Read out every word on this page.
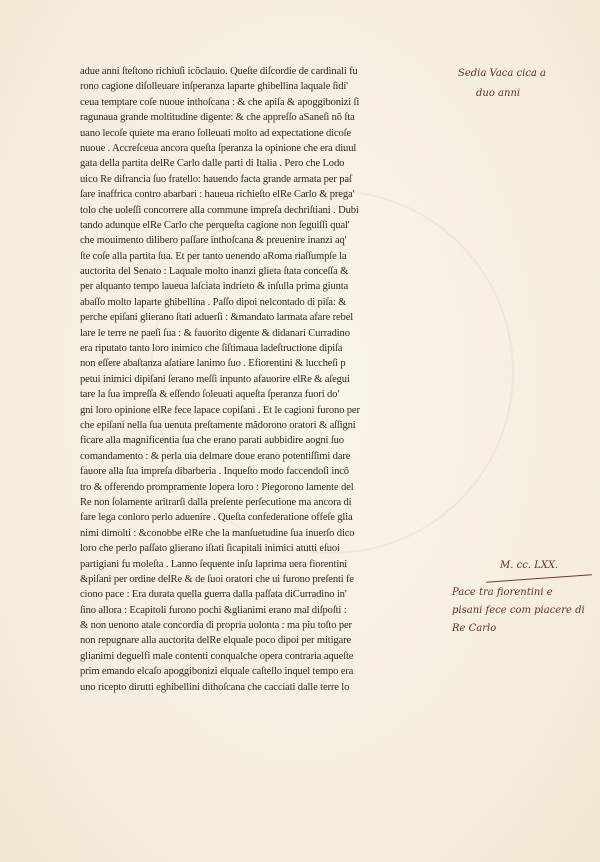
adue anni ſteſtono richiuſi icõclauio. Queſte diſcordie de cardinali fu
rono cagione diſolleuare inſperanza laparte ghibellina laquale ſidi'
ceua temptare coſe nuoue inthoſcana : & che apiſa & apoggibonizi ſi
ragunaua grande moltitudine digente: & che appreſſo aSaneſi nõ ſta
uano lecoſe quiete ma erano ſolleuati molto ad expectatione dicoſe
nuoue . Accreſceua ancora queſta ſperanza la opinione che era diuul
gata della partita delRe Carlo dalle parti di Italia . Pero che Lodo
uico Re difrancia ſuo fratello: hauendo facta grande armata per paſ
ſare inaffrica contro abarbari : haueua richieſto elRe Carlo & prega'
tolo che uoleſſi concorrere alla commune impreſa dechriſtiani . Dubi
tando adunque elRe Carlo che perqueſta cagione non ſeguiſſi qual'
che mouimento dilibero paſſare inthoſcana & preuenire inanzi aq'
ſte coſe alla partita ſua. Et per tanto uenendo aRoma riaſſumpſe la
auctorita del Senato : Laquale molto inanzi glieta ſtata conceſſa &
per alquanto tempo laueua laſciata indrieto & inſulla prima giunta
abaſſo molto laparte ghibellina . Paſſo dipoi nelcontado di piſa: &
perche epiſani glierano ſtati aduerſi : &mandato larmata afare rebel
lare le terre ne paeſi ſua : & fauorito digente & didanari Curradino
era riputato tanto loro inimico che ſiſtimaua ladeſtructione dipiſa
non eſſere abaſtanza aſatiare lanimo ſuo . Efiorentini & luccheſi p
petui inimici dipiſani ſerano meſſi inpunto afauorire elRe & aſegui
tare la ſua impreſſa & eſſendo ſoleuati aqueſta ſperanza fuori do'
gni loro opinione elRe fece lapace copiſani . Et le cagioni furono per
che epiſani nella ſua uenuta preſtamente mãdorono oratori & aſſigni
ficare alla magnificentia ſua che erano parati aubbidire aogni ſuo
comandamento : & perla uia delmare doue erano potentiſſimi dare
fauore alla ſua impreſa dibarberia . Inqueſto modo faccendoſi incõ
tro & offerendo prompramente lopera loro : Piegorono lamente del
Re non ſolamente aritrarſi dalla preſente perſecutione ma ancora di
fare lega conloro perlo aduenire . Queſta confederatione offeſe glia
nimi dimolti : &conobbe elRe che la manſuetudine ſua inuerſo dico
loro che perlo paſſato glierano iſtati ſicapitali inimici atutti eſuoi
partigiani fu moleſta . Lanno ſequente inſu laprima uera fiorentini
&piſani per ordine delRe & de ſuoi oratori che ui furono preſenti fe
ciono pace : Era durata quella guerra dalla paſſata diCurradino in'
ſino allora : Ecapitoli furono pochi &glianimi erano mal diſpoſti :
& non uenono atale concordia di propria uolonta : ma piu toſto per
non repugnare alla auctorita delRe elquale poco dipoi per mitigare
glianimi deguelfi male contenti conqualche opera contraria aqueſte
prim emando elcaſo apoggibonizi elquale caſtello inquel tempo era
uno ricepto dirutti eghibellini dithoſcana che cacciati dalle terre lo
Sedia Vaca cica a
duo anni
M. cc. LXX.
Pace tra fiorentini e
pisani fece com piacere di
Re Carlo
